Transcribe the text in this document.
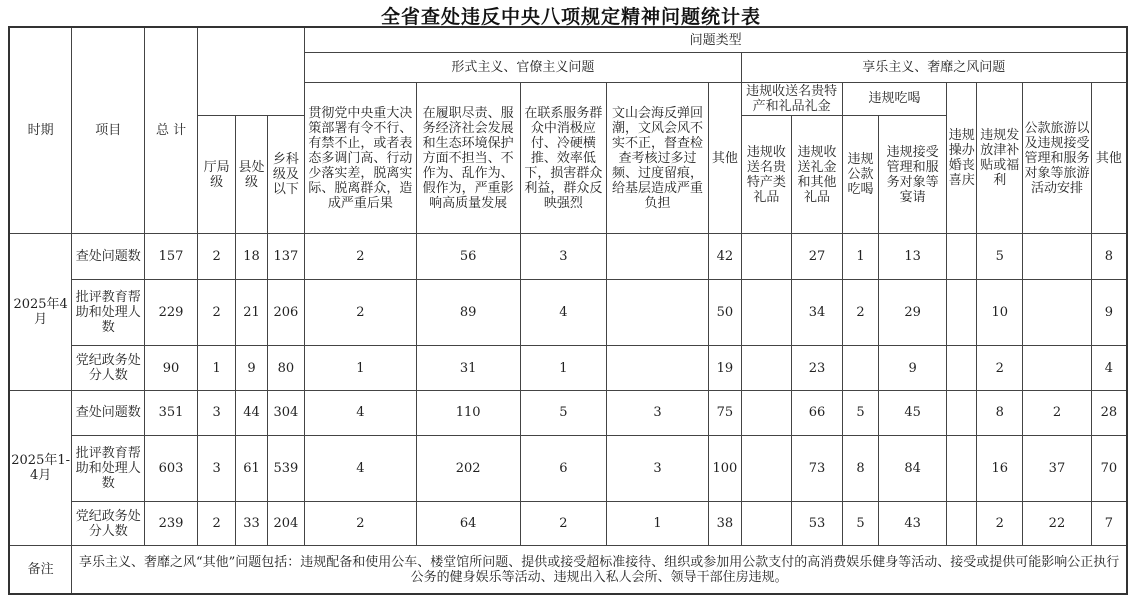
全省查处违反中央八项规定精神问题统计表
时期	项目	总 计				问题类型												
						形式主义、官僚主义问题					享乐主义、奢靡之风问题							
						贯彻党中央重大决策部署有令不行、有禁不止，或者表态多调门高、行动少落实差，脱离实际、脱离群众，造成严重后果	在履职尽责、服务经济社会发展和生态环境保护方面不担当、不作为、乱作为、假作为，严重影响高质量发展	在联系服务群众中消极应付、冷硬横推、效率低下，损害群众利益，群众反映强烈	文山会海反弹回潮，文风会风不实不正，督查检查考核过多过频、过度留痕，给基层造成严重负担	其他	违规收送名贵特产和礼品礼金		违规吃喝		违规操办婚丧喜庆	违规发放津补贴或福利	公款旅游以及违规接受管理和服务对象等旅游活动安排	其他
			厅局级	县处级	乡科级及以下						违规收送名贵特产类礼品	违规收送礼金和其他礼品	违规公款吃喝	违规接受管理和服务对象等宴请				
2025年4月	查处问题数	157	2	18	137	2	56	3		42		27	1	13		5		8
	批评教育帮助和处理人数	229	2	21	206	2	89	4		50		34	2	29		10		9
	党纪政务处分人数	90	1	9	80	1	31	1		19		23		9		2		4
2025年1-4月	查处问题数	351	3	44	304	4	110	5	3	75		66	5	45		8	2	28
	批评教育帮助和处理人数	603	3	61	539	4	202	6	3	100		73	8	84		16	37	70
	党纪政务处分人数	239	2	33	204	2	64	2	1	38		53	5	43		2	22	7
备注	享乐主义、奢靡之风“其他”问题包括：违规配备和使用公车、楼堂馆所问题、提供或接受超标准接待、组织或参加用公款支付的高消费娱乐健身等活动、接受或提供可能影响公正执行公务的健身娱乐等活动、违规出入私人会所、领导干部住房违规。																	
